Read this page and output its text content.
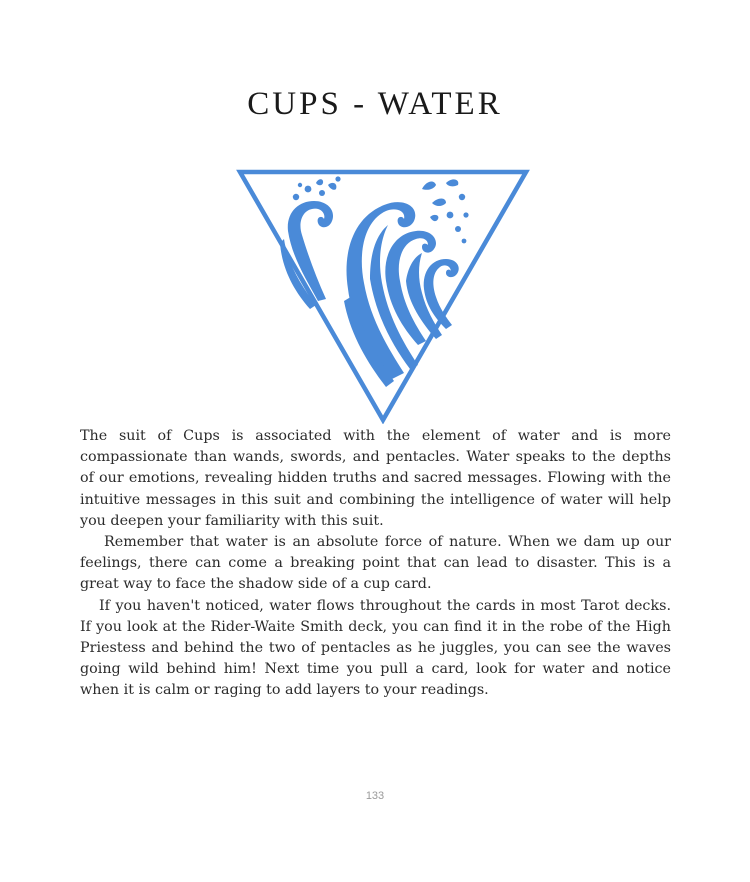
CUPS - WATER

The suit of Cups is associated with the element of water and is more compassionate than wands, swords, and pentacles. Water speaks to the depths of our emotions, revealing hidden truths and sacred messages. Flowing with the intuitive messages in this suit and combining the intelligence of water will help you deepen your familiarity with this suit.

Remember that water is an absolute force of nature. When we dam up our feelings, there can come a breaking point that can lead to disaster. This is a great way to face the shadow side of a cup card.

If you haven't noticed, water flows throughout the cards in most Tarot decks. If you look at the Rider-Waite Smith deck, you can find it in the robe of the High Priestess and behind the two of pentacles as he juggles, you can see the waves going wild behind him! Next time you pull a card, look for water and notice when it is calm or raging to add layers to your readings.

133
